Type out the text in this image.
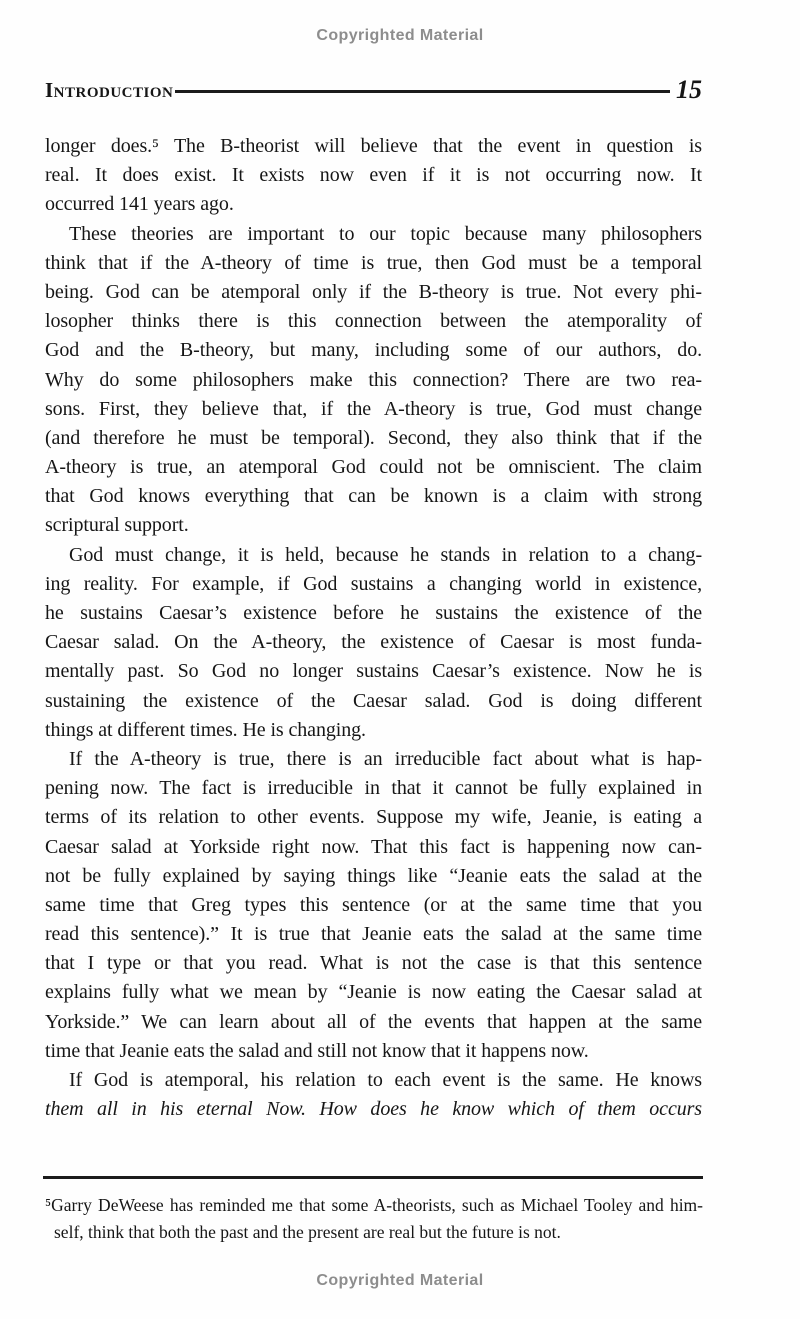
Copyrighted Material
Introduction	15
longer does.⁵ The B-theorist will believe that the event in question is
real. It does exist. It exists now even if it is not occurring now. It
occurred 141 years ago.
These theories are important to our topic because many philosophers
think that if the A-theory of time is true, then God must be a temporal
being. God can be atemporal only if the B-theory is true. Not every phi-
losopher thinks there is this connection between the atemporality of
God and the B-theory, but many, including some of our authors, do.
Why do some philosophers make this connection? There are two rea-
sons. First, they believe that, if the A-theory is true, God must change
(and therefore he must be temporal). Second, they also think that if the
A-theory is true, an atemporal God could not be omniscient. The claim
that God knows everything that can be known is a claim with strong
scriptural support.
God must change, it is held, because he stands in relation to a chang-
ing reality. For example, if God sustains a changing world in existence,
he sustains Caesar’s existence before he sustains the existence of the
Caesar salad. On the A-theory, the existence of Caesar is most funda-
mentally past. So God no longer sustains Caesar’s existence. Now he is
sustaining the existence of the Caesar salad. God is doing different
things at different times. He is changing.
If the A-theory is true, there is an irreducible fact about what is hap-
pening now. The fact is irreducible in that it cannot be fully explained in
terms of its relation to other events. Suppose my wife, Jeanie, is eating a
Caesar salad at Yorkside right now. That this fact is happening now can-
not be fully explained by saying things like “Jeanie eats the salad at the
same time that Greg types this sentence (or at the same time that you
read this sentence).” It is true that Jeanie eats the salad at the same time
that I type or that you read. What is not the case is that this sentence
explains fully what we mean by “Jeanie is now eating the Caesar salad at
Yorkside.” We can learn about all of the events that happen at the same
time that Jeanie eats the salad and still not know that it happens now.
If God is atemporal, his relation to each event is the same. He knows
them all in his eternal Now. How does he know which of them occurs
⁵Garry DeWeese has reminded me that some A-theorists, such as Michael Tooley and him-
self, think that both the past and the present are real but the future is not.
Copyrighted Material
